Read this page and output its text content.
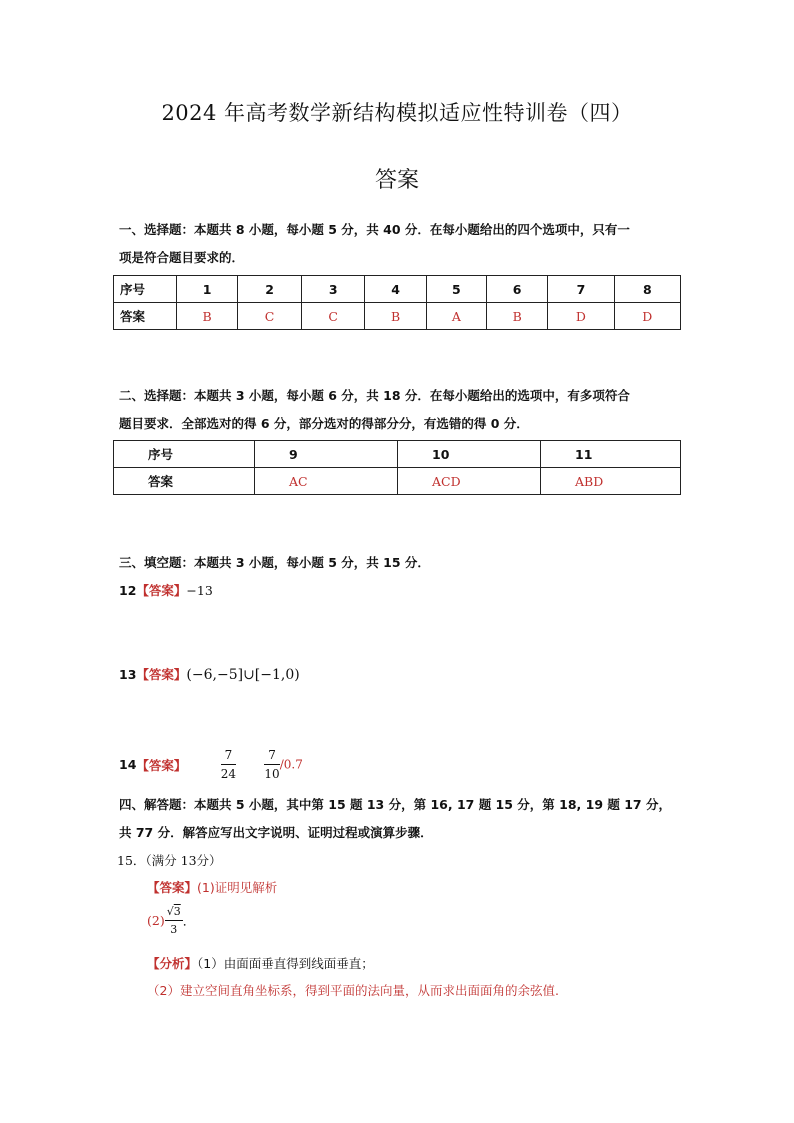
2024 年高考数学新结构模拟适应性特训卷（四）
答案
一、选择题：本题共 8 小题，每小题 5 分，共 40 分．在每小题给出的四个选项中，只有一
项是符合题目要求的．
序号	1	2	3	4	5	6	7	8
答案	B	C	C	B	A	B	D	D
二、选择题：本题共 3 小题，每小题 6 分，共 18 分．在每小题给出的选项中，有多项符合
题目要求．全部选对的得 6 分，部分选对的得部分分，有选错的得 0 分．
序号	9	10	11
答案	AC	ACD	ABD
三、填空题：本题共 3 小题，每小题 5 分，共 15 分．
12【答案】−13
13【答案】(−6,−5]∪[−1,0)
14【答案】	$\frac{7}{24}$
$\frac{7}{10} /0.7$
四、解答题：本题共 5 小题，其中第 15 题 13 分，第 16, 17 题 15 分，第 18, 19 题 17 分，
共 77 分．解答应写出文字说明、证明过程或演算步骤．
15．（满分 13分）
【答案】(1)证明见解析
$(2) \frac{√3}{3}$ ．
【分析】（1）由面面垂直得到线面垂直；
（2）建立空间直角坐标系，得到平面的法向量，从而求出面面角的余弦值.
